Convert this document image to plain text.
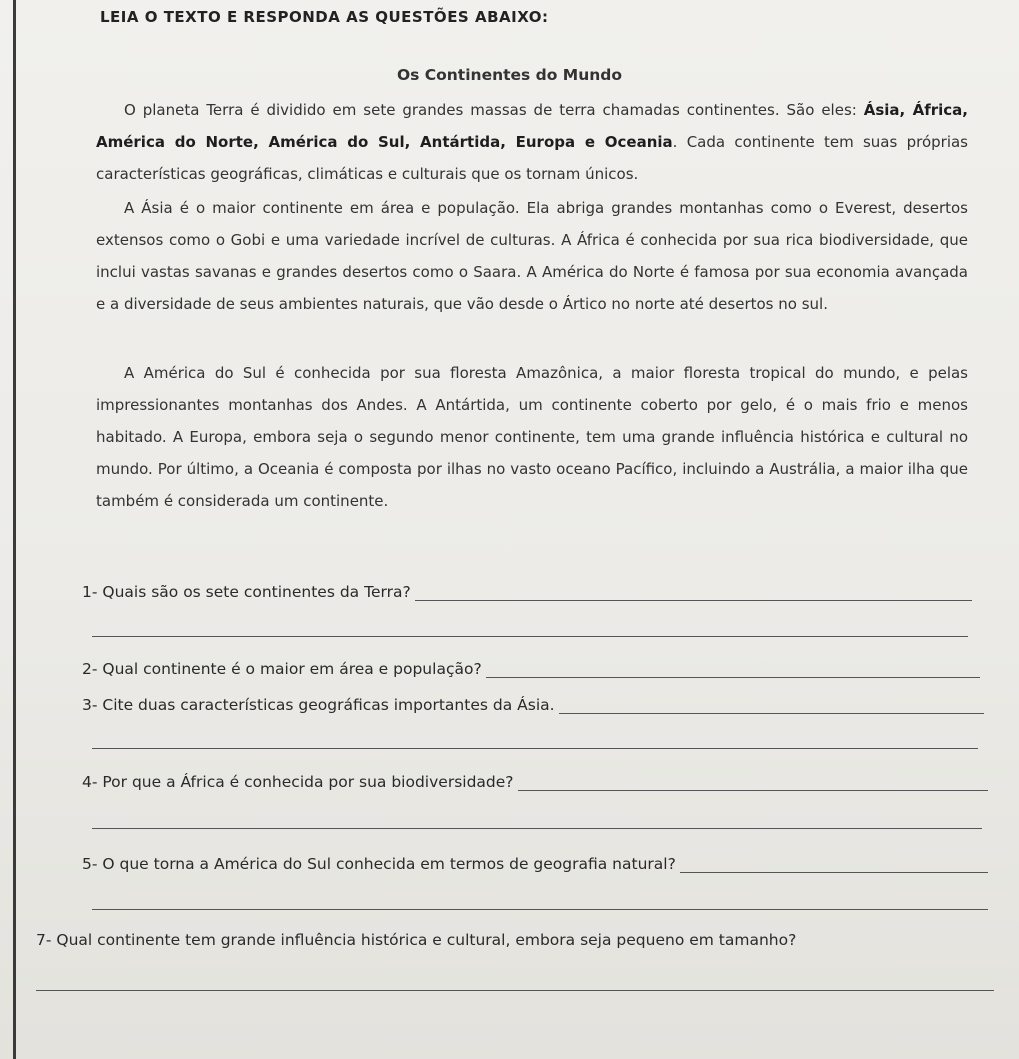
LEIA O TEXTO E RESPONDA AS QUESTÕES ABAIXO:
Os Continentes do Mundo
O planeta Terra é dividido em sete grandes massas de terra chamadas continentes. São eles: Ásia, África, América do Norte, América do Sul, Antártida, Europa e Oceania. Cada continente tem suas próprias características geográficas, climáticas e culturais que os tornam únicos.
A Ásia é o maior continente em área e população. Ela abriga grandes montanhas como o Everest, desertos extensos como o Gobi e uma variedade incrível de culturas. A África é conhecida por sua rica biodiversidade, que inclui vastas savanas e grandes desertos como o Saara. A América do Norte é famosa por sua economia avançada e a diversidade de seus ambientes naturais, que vão desde o Ártico no norte até desertos no sul.
A América do Sul é conhecida por sua floresta Amazônica, a maior floresta tropical do mundo, e pelas impressionantes montanhas dos Andes. A Antártida, um continente coberto por gelo, é o mais frio e menos habitado. A Europa, embora seja o segundo menor continente, tem uma grande influência histórica e cultural no mundo. Por último, a Oceania é composta por ilhas no vasto oceano Pacífico, incluindo a Austrália, a maior ilha que também é considerada um continente.
1- Quais são os sete continentes da Terra?
2- Qual continente é o maior em área e população?
3- Cite duas características geográficas importantes da Ásia.
4- Por que a África é conhecida por sua biodiversidade?
5- O que torna a América do Sul conhecida em termos de geografia natural?
7- Qual continente tem grande influência histórica e cultural, embora seja pequeno em tamanho?
